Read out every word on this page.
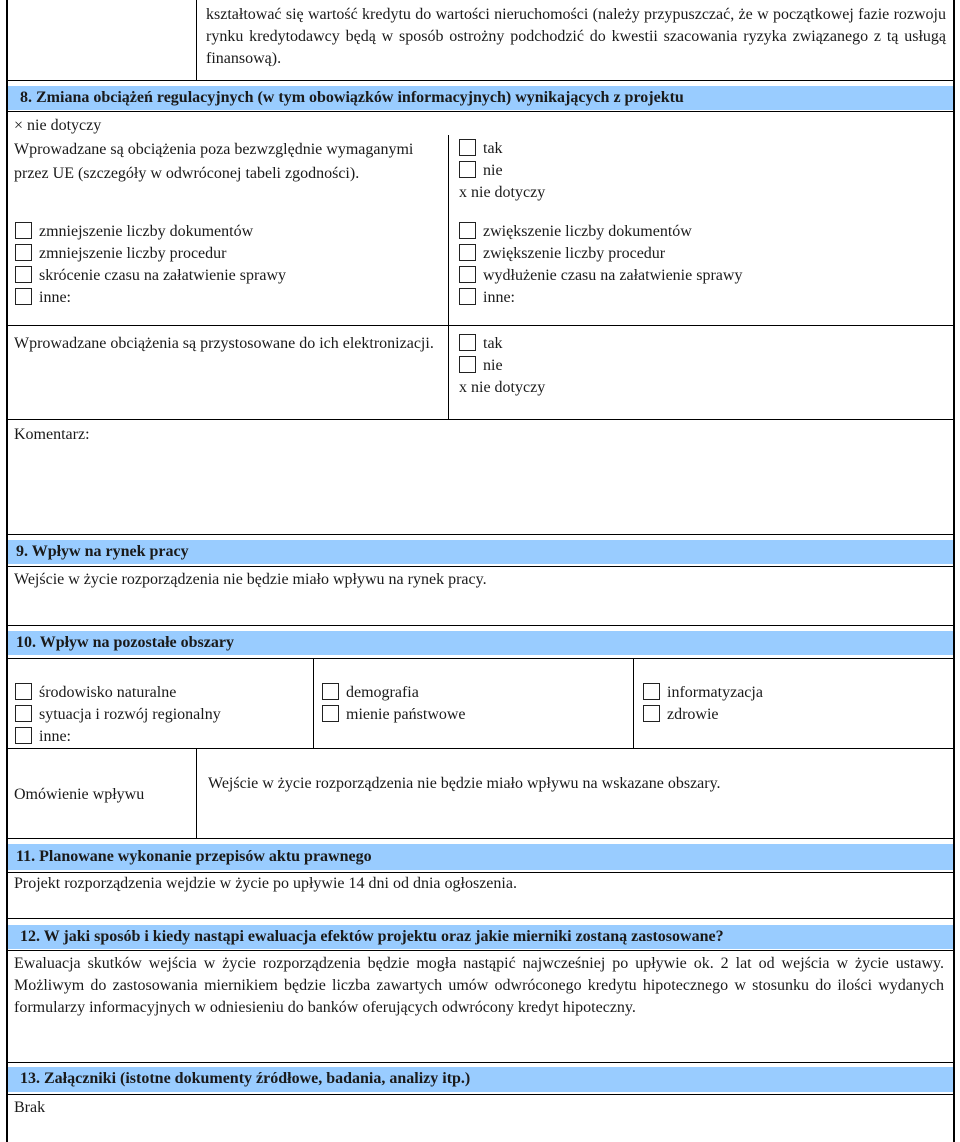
kształtować się wartość kredytu do wartości nieruchomości (należy przypuszczać, że w początkowej fazie rozwoju rynku kredytodawcy będą w sposób ostrożny podchodzić do kwestii szacowania ryzyka związanego z tą usługą finansową).
8. Zmiana obciążeń regulacyjnych (w tym obowiązków informacyjnych) wynikających z projektu
× nie dotyczy
Wprowadzane są obciążenia poza bezwzględnie wymaganymi przez UE (szczegóły w odwróconej tabeli zgodności).
tak
nie
x nie dotyczy
zmniejszenie liczby dokumentów
zmniejszenie liczby procedur
skrócenie czasu na załatwienie sprawy
inne:
zwiększenie liczby dokumentów
zwiększenie liczby procedur
wydłużenie czasu na załatwienie sprawy
inne:
Wprowadzane obciążenia są przystosowane do ich elektronizacji.	tak
nie
x nie dotyczy
Komentarz:
9. Wpływ na rynek pracy
Wejście w życie rozporządzenia nie będzie miało wpływu na rynek pracy.
10. Wpływ na pozostałe obszary
środowisko naturalne
sytuacja i rozwój regionalny
inne:
demografia
mienie państwowe
informatyzacja
zdrowie
Omówienie wpływu
Wejście w życie rozporządzenia nie będzie miało wpływu na wskazane obszary.
11. Planowane wykonanie przepisów aktu prawnego
Projekt rozporządzenia wejdzie w życie po upływie 14 dni od dnia ogłoszenia.
12. W jaki sposób i kiedy nastąpi ewaluacja efektów projektu oraz jakie mierniki zostaną zastosowane?
Ewaluacja skutków wejścia w życie rozporządzenia będzie mogła nastąpić najwcześniej po upływie ok. 2 lat od wejścia w życie ustawy. Możliwym do zastosowania miernikiem będzie liczba zawartych umów odwróconego kredytu hipotecznego w stosunku do ilości wydanych formularzy informacyjnych w odniesieniu do banków oferujących odwrócony kredyt hipoteczny.
13. Załączniki (istotne dokumenty źródłowe, badania, analizy itp.)
Brak
